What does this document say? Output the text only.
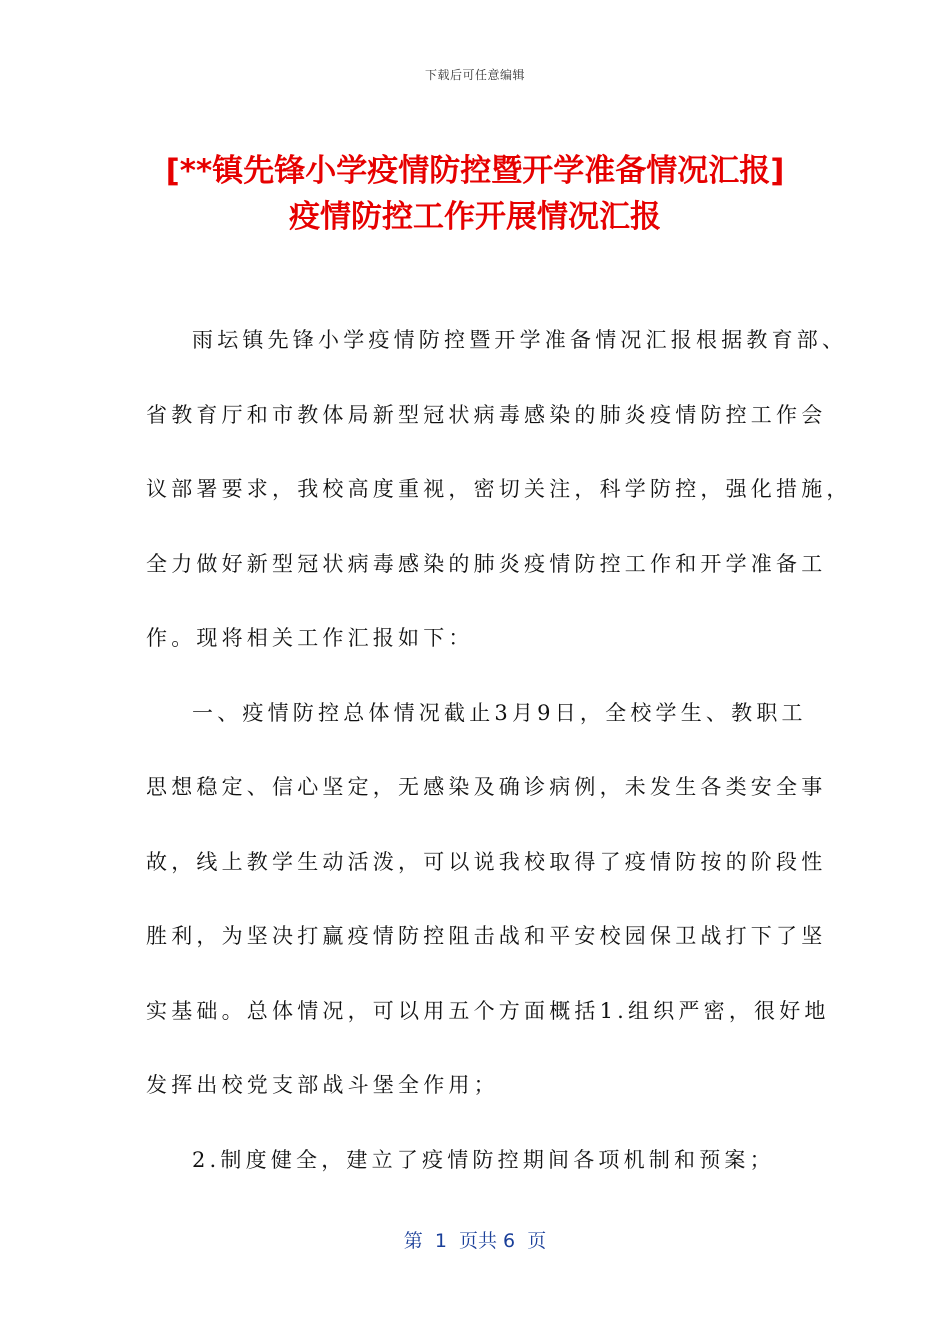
下载后可任意编辑
[**镇先锋小学疫情防控暨开学准备情况汇报]
疫情防控工作开展情况汇报
雨坛镇先锋小学疫情防控暨开学准备情况汇报根据教育部、
省教育厅和市教体局新型冠状病毒感染的肺炎疫情防控工作会
议部署要求，我校高度重视，密切关注，科学防控，强化措施，
全力做好新型冠状病毒感染的肺炎疫情防控工作和开学准备工
作。现将相关工作汇报如下：
一、疫情防控总体情况截止3月9日，全校学生、教职工
思想稳定、信心坚定，无感染及确诊病例，未发生各类安全事
故，线上教学生动活泼，可以说我校取得了疫情防按的阶段性
胜利，为坚决打赢疫情防控阻击战和平安校园保卫战打下了坚
实基础。总体情况，可以用五个方面概括1.组织严密，很好地
发挥出校党支部战斗堡全作用；
2.制度健全，建立了疫情防控期间各项机制和预案；
第  1  页共 6  页
